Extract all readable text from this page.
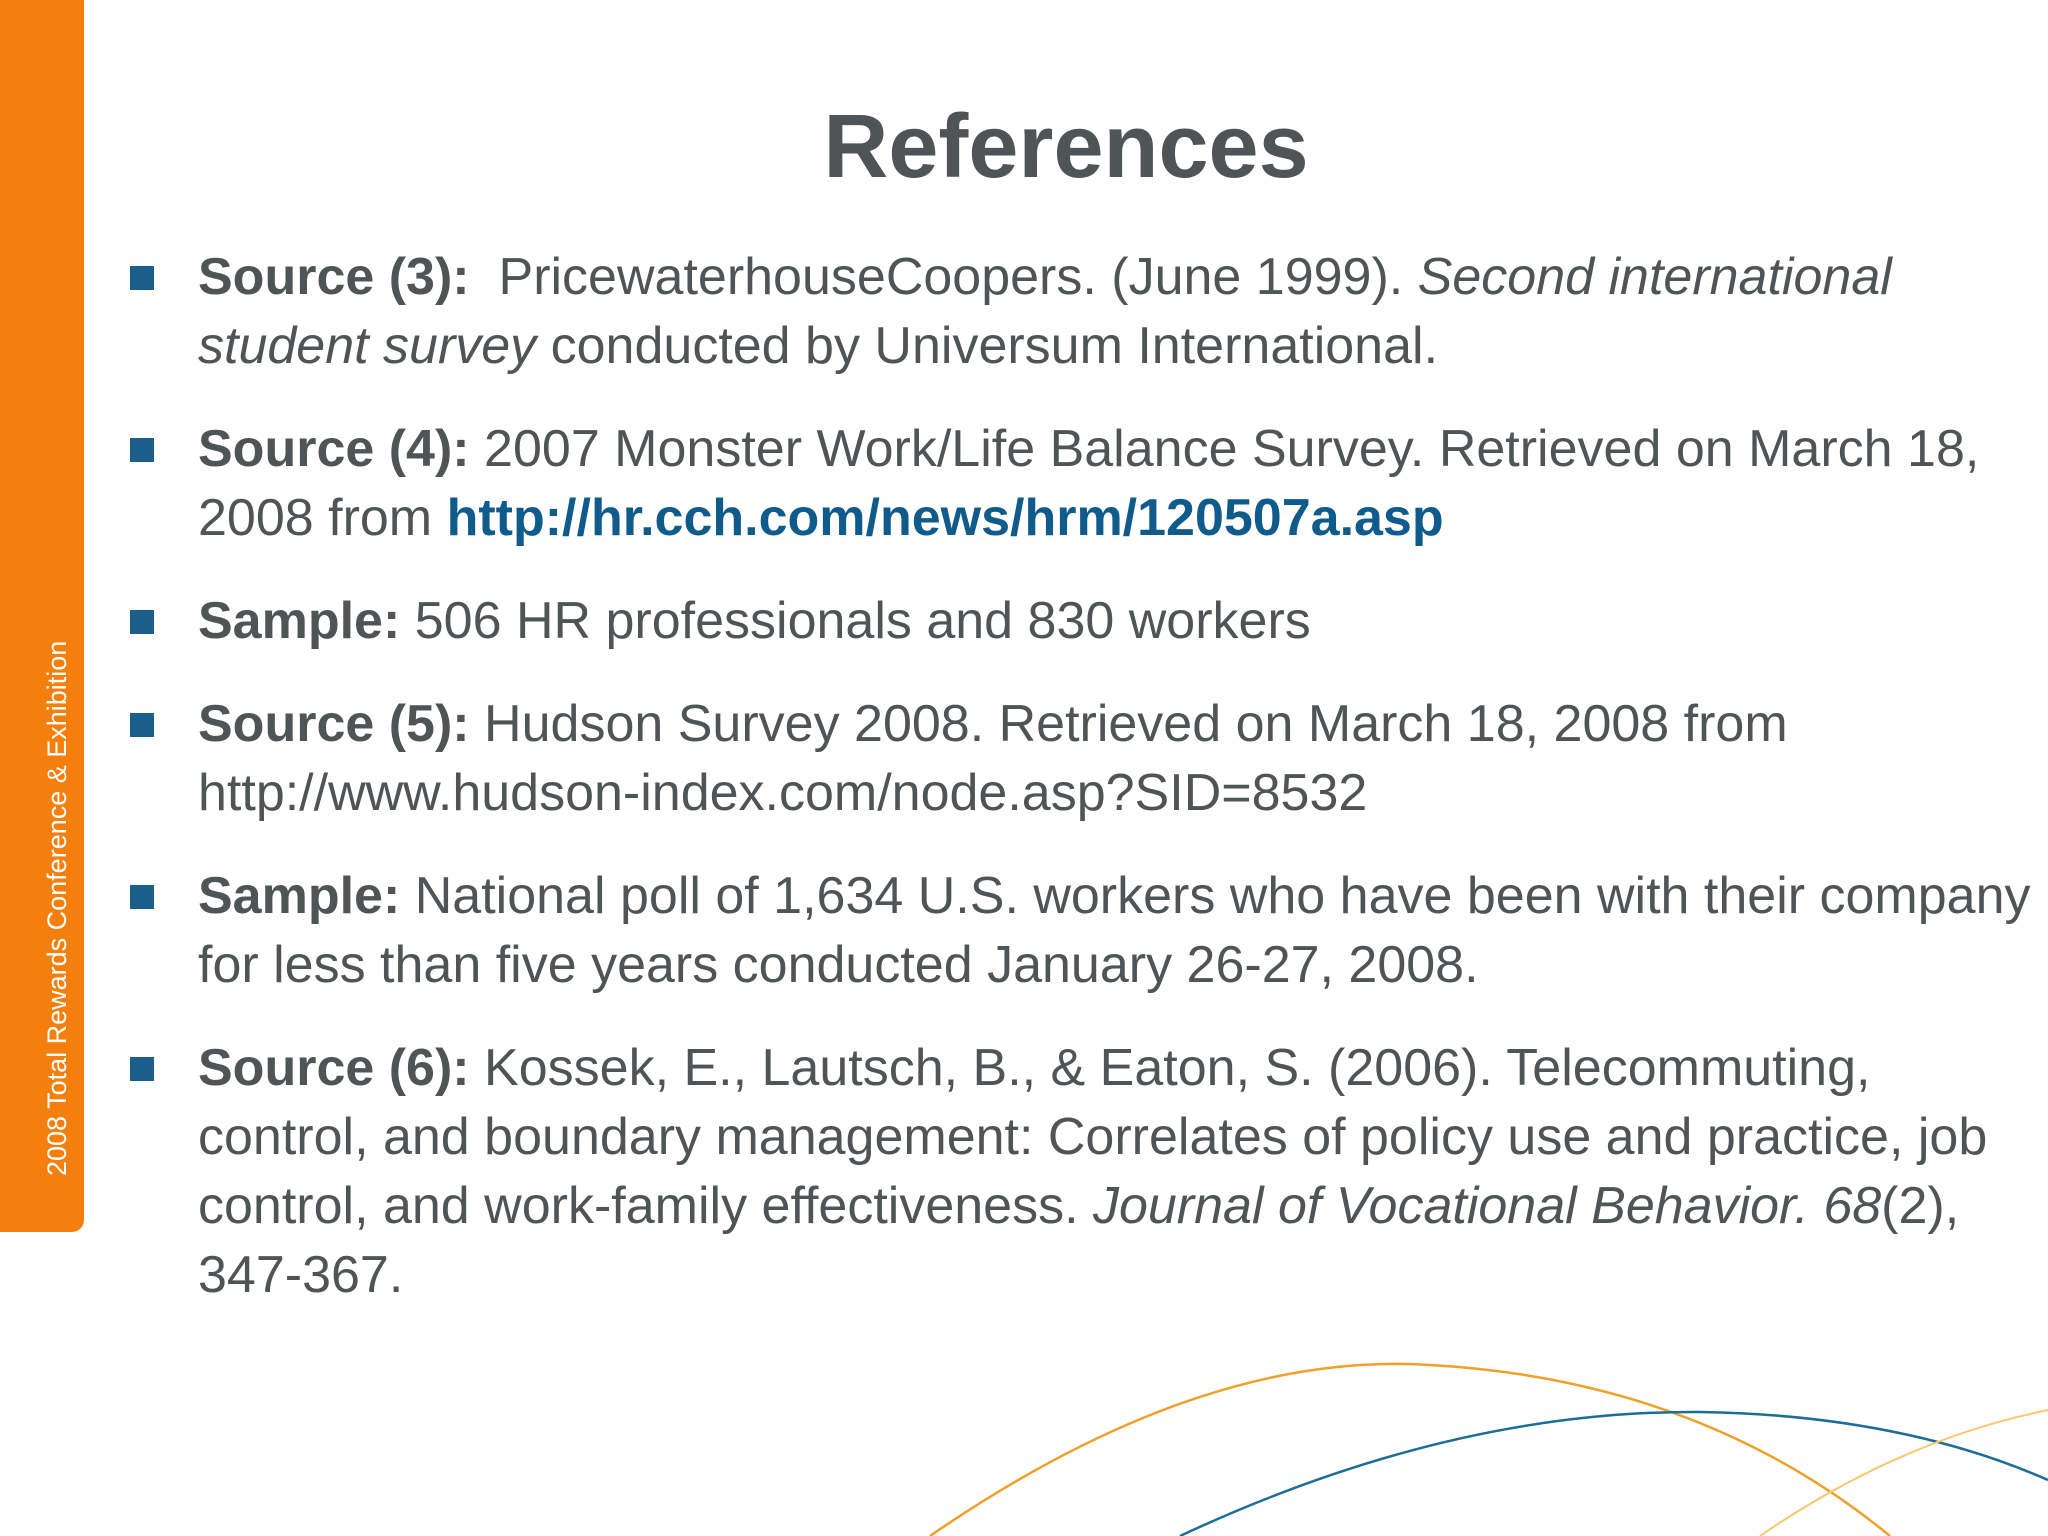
2008 Total Rewards Conference & Exhibition
References
Source (3):  PricewaterhouseCoopers. (June 1999). Second international student survey conducted by Universum International.
Source (4): 2007 Monster Work/Life Balance Survey. Retrieved on March 18, 2008 from http://hr.cch.com/news/hrm/120507a.asp
Sample: 506 HR professionals and 830 workers
Source (5): Hudson Survey 2008. Retrieved on March 18, 2008 from http://www.hudson-index.com/node.asp?SID=8532
Sample: National poll of 1,634 U.S. workers who have been with their company for less than five years conducted January 26-27, 2008.
Source (6): Kossek, E., Lautsch, B., & Eaton, S. (2006). Telecommuting, control, and boundary management: Correlates of policy use and practice, job control, and work-family effectiveness. Journal of Vocational Behavior. 68(2), 347-367.
